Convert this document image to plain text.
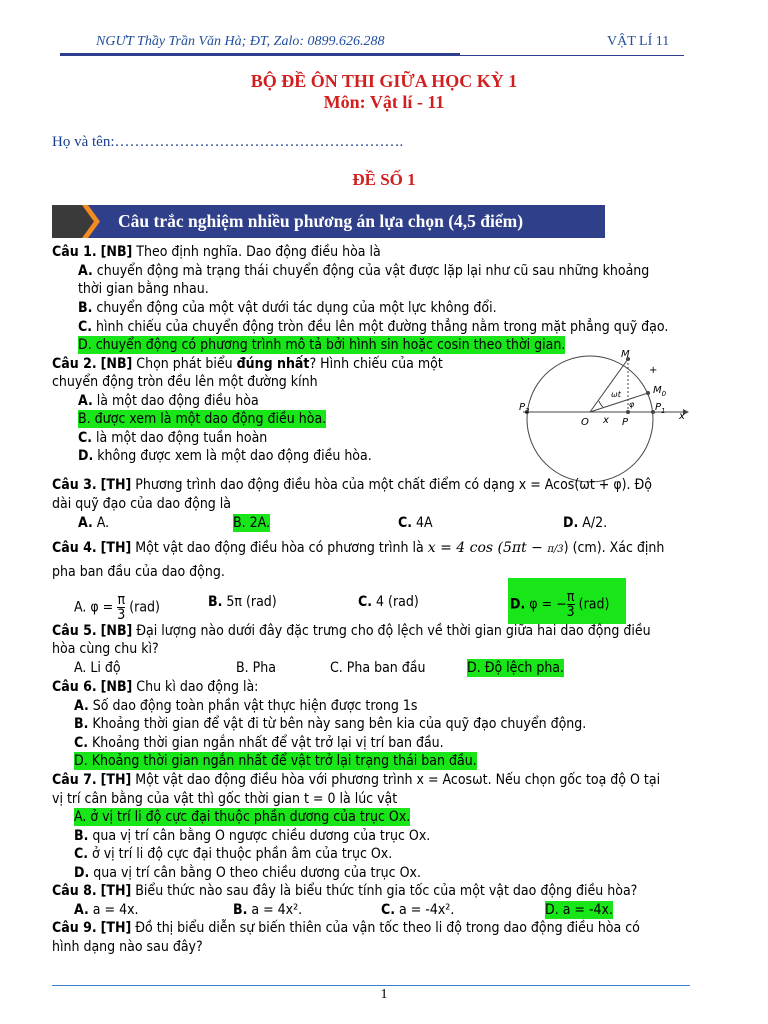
NGƯT Thầy Trần Văn Hà; ĐT, Zalo: 0899.626.288	VẬT LÍ 11
BỘ ĐỀ ÔN THI GIỮA HỌC KỲ 1
Môn: Vật lí - 11
Họ và tên:………………………………………………….
ĐỀ SỐ 1
Câu trắc nghiệm nhiều phương án lựa chọn (4,5 điểm)
Câu 1. [NB] Theo định nghĩa. Dao động điều hòa là
A. chuyển động mà trạng thái chuyển động của vật được lặp lại như cũ sau những khoảng
thời gian bằng nhau.
B. chuyển động của một vật dưới tác dụng của một lực không đổi.
C. hình chiếu của chuyển động tròn đều lên một đường thẳng nằm trong mặt phẳng quỹ đạo.
D. chuyển động có phương trình mô tả bởi hình sin hoặc cosin theo thời gian.
Câu 2. [NB] Chọn phát biểu đúng nhất? Hình chiếu của một
chuyển động tròn đều lên một đường kính
A. là một dao động điều hòa
B. được xem là một dao động điều hòa.
C. là một dao động tuần hoàn
D. không được xem là một dao động điều hòa.
M
+
$M_0$
$P_1$
$P_2$
O x P
x
ωt
φ
Câu 3. [TH] Phương trình dao động điều hòa của một chất điểm có dạng x = Acos(ωt + φ). Độ
dài quỹ đạo của dao động là
A. A.	B. 2A.	C. 4A	D. A/2.
Câu 4. [TH] Một vật dao động điều hòa có phương trình là x = 4 cos (5πt − π/3) (cm). Xác định
pha ban đầu của dao động.
A. $\varphi = \frac{\pi}{3} (rad)$	B. 5π (rad)	C. 4 (rad)	D. φ = − $\frac{\pi}{3} (rad)$
Câu 5. [NB] Đại lượng nào dưới đây đặc trưng cho độ lệch về thời gian giữa hai dao động điều
hòa cùng chu kì?
A. Li độ	B. Pha	C. Pha ban đầu	D. Độ lệch pha.
Câu 6. [NB] Chu kì dao động là:
A. Số dao động toàn phần vật thực hiện được trong 1s
B. Khoảng thời gian để vật đi từ bên này sang bên kia của quỹ đạo chuyển động.
C. Khoảng thời gian ngắn nhất để vật trở lại vị trí ban đầu.
D. Khoảng thời gian ngắn nhất để vật trở lại trạng thái ban đầu.
Câu 7. [TH] Một vật dao động điều hòa với phương trình x = Acosωt. Nếu chọn gốc toạ độ O tại
vị trí cân bằng của vật thì gốc thời gian t = 0 là lúc vật
A. ở vị trí li độ cực đại thuộc phần dương của trục Ox.
B. qua vị trí cân bằng O ngược chiều dương của trục Ox.
C. ở vị trí li độ cực đại thuộc phần âm của trục Ox.
D. qua vị trí cân bằng O theo chiều dương của trục Ox.
Câu 8. [TH] Biểu thức nào sau đây là biểu thức tính gia tốc của một vật dao động điều hòa?
A. a = 4x.	B. a = 4x².	C. a = -4x².	D. a = -4x.
Câu 9. [TH] Đồ thị biểu diễn sự biến thiên của vận tốc theo li độ trong dao động điều hòa có
hình dạng nào sau đây?
1
